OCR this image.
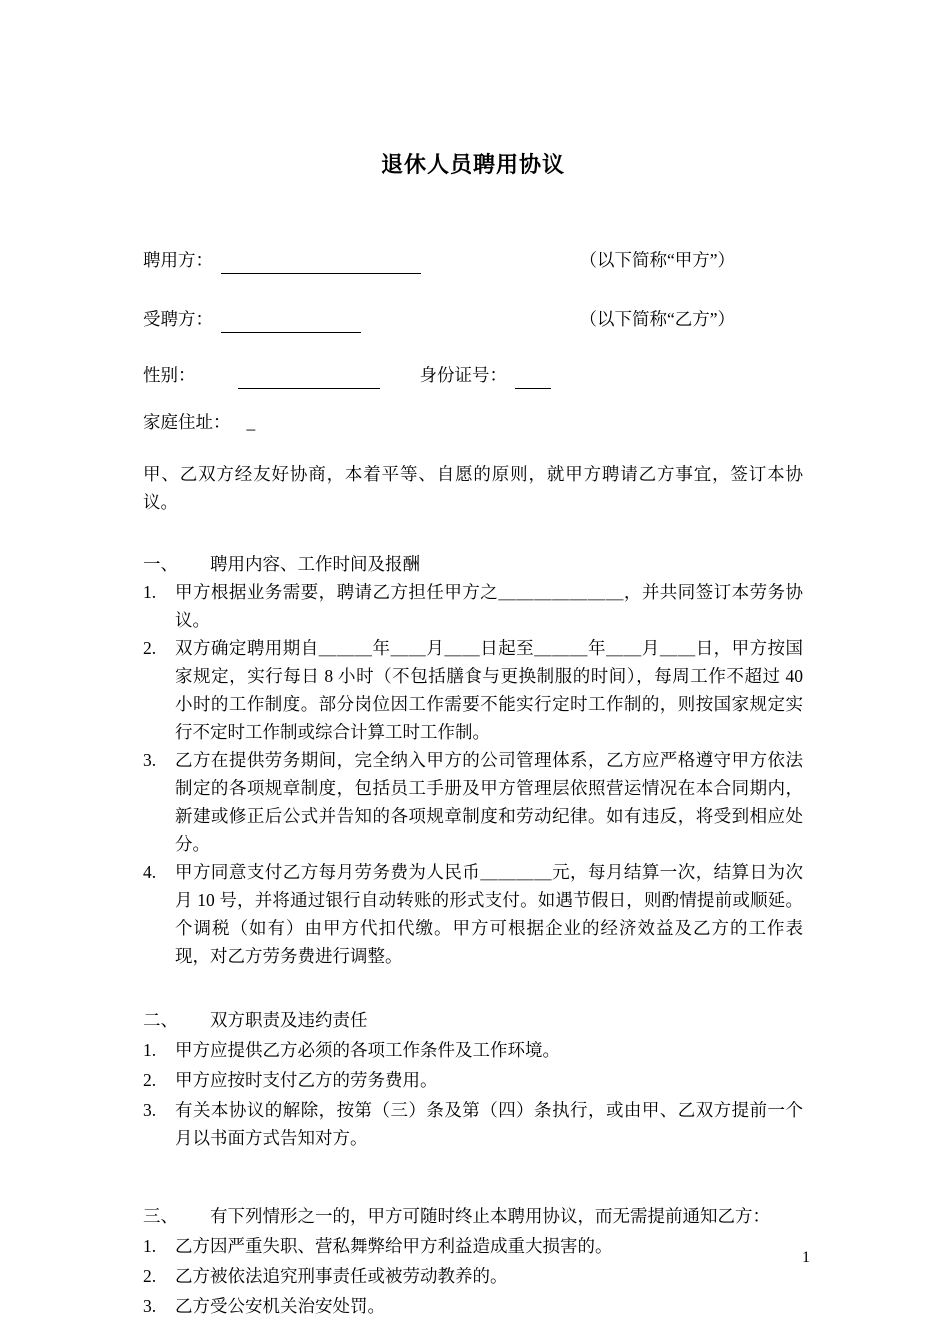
退休人员聘用协议
聘用方：	（以下简称“甲方”）
受聘方：	（以下简称“乙方”）
性别：	身份证号：
家庭住址： _

甲、乙双方经友好协商，本着平等、自愿的原则，就甲方聘请乙方事宜，签订本协议。

一、	聘用内容、工作时间及报酬
1.	甲方根据业务需要，聘请乙方担任甲方之＿＿＿＿＿＿＿，并共同签订本劳务协议。
2.	双方确定聘用期自＿＿＿年＿＿月＿＿日起至＿＿＿年＿＿月＿＿日，甲方按国家规定，实行每日 8 小时（不包括膳食与更换制服的时间），每周工作不超过 40 小时的工作制度。部分岗位因工作需要不能实行定时工作制的，则按国家规定实行不定时工作制或综合计算工时工作制。
3.	乙方在提供劳务期间，完全纳入甲方的公司管理体系，乙方应严格遵守甲方依法制定的各项规章制度，包括员工手册及甲方管理层依照营运情况在本合同期内，新建或修正后公式并告知的各项规章制度和劳动纪律。如有违反，将受到相应处分。
4.	甲方同意支付乙方每月劳务费为人民币＿＿＿＿元，每月结算一次，结算日为次月 10 号，并将通过银行自动转账的形式支付。如遇节假日，则酌情提前或顺延。个调税（如有）由甲方代扣代缴。甲方可根据企业的经济效益及乙方的工作表现，对乙方劳务费进行调整。
二、	双方职责及违约责任
1.	甲方应提供乙方必须的各项工作条件及工作环境。
2.	甲方应按时支付乙方的劳务费用。
3.	有关本协议的解除，按第（三）条及第（四）条执行，或由甲、乙双方提前一个月以书面方式告知对方。
三、	有下列情形之一的，甲方可随时终止本聘用协议，而无需提前通知乙方：
1.	乙方因严重失职、营私舞弊给甲方利益造成重大损害的。
2.	乙方被依法追究刑事责任或被劳动教养的。
3.	乙方受公安机关治安处罚。
1
